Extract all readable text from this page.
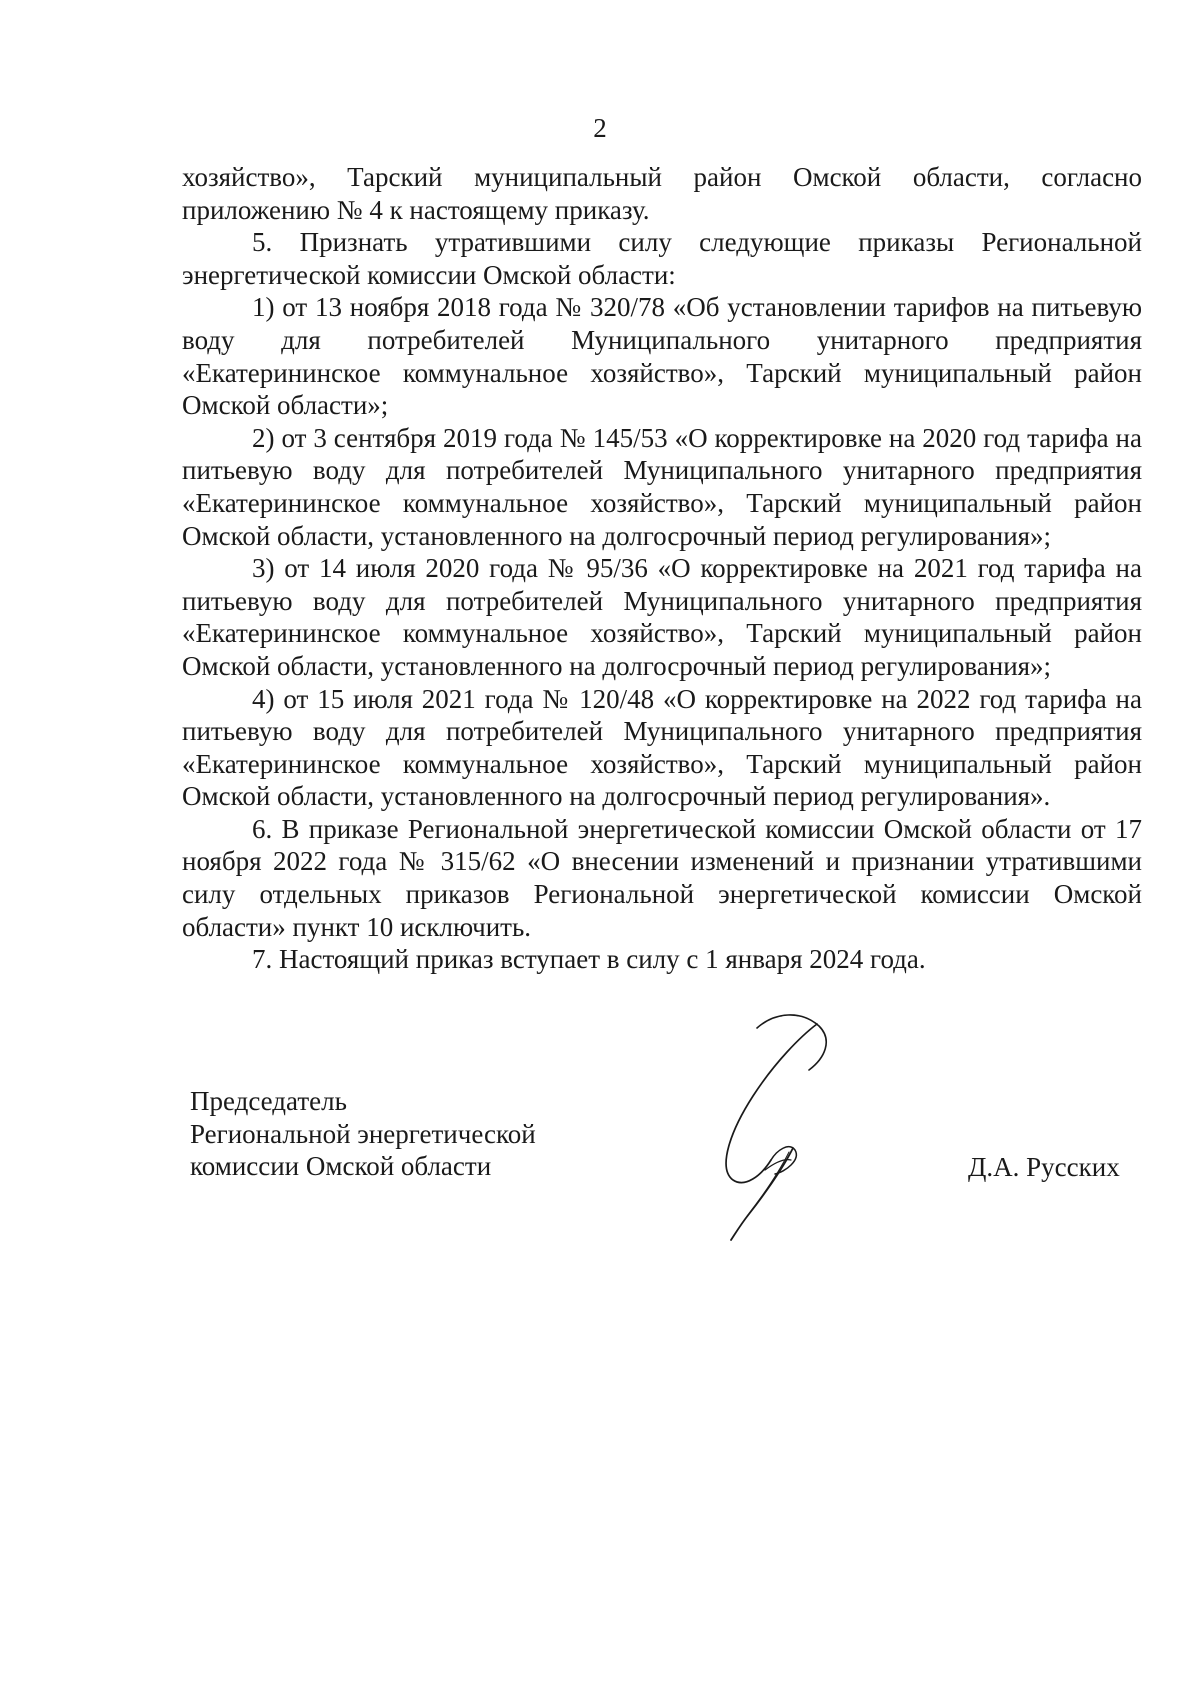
2

хозяйство», Тарский муниципальный район Омской области, согласно приложению № 4 к настоящему приказу.

5. Признать утратившими силу следующие приказы Региональной энергетической комиссии Омской области:

1) от 13 ноября 2018 года № 320/78 «Об установлении тарифов на питьевую воду для потребителей Муниципального унитарного предприятия «Екатерининское коммунальное хозяйство», Тарский муниципальный район Омской области»;

2) от 3 сентября 2019 года № 145/53 «О корректировке на 2020 год тарифа на питьевую воду для потребителей Муниципального унитарного предприятия «Екатерининское коммунальное хозяйство», Тарский муниципальный район Омской области, установленного на долгосрочный период регулирования»;

3) от 14 июля 2020 года № 95/36 «О корректировке на 2021 год тарифа на питьевую воду для потребителей Муниципального унитарного предприятия «Екатерининское коммунальное хозяйство», Тарский муниципальный район Омской области, установленного на долгосрочный период регулирования»;

4) от 15 июля 2021 года № 120/48 «О корректировке на 2022 год тарифа на питьевую воду для потребителей Муниципального унитарного предприятия «Екатерининское коммунальное хозяйство», Тарский муниципальный район Омской области, установленного на долгосрочный период регулирования».

6. В приказе Региональной энергетической комиссии Омской области от 17 ноября 2022 года № 315/62 «О внесении изменений и признании утратившими силу отдельных приказов Региональной энергетической комиссии Омской области» пункт 10 исключить.

7. Настоящий приказ вступает в силу с 1 января 2024 года.

Председатель
Региональной энергетической
комиссии Омской области	Д.А. Русских
